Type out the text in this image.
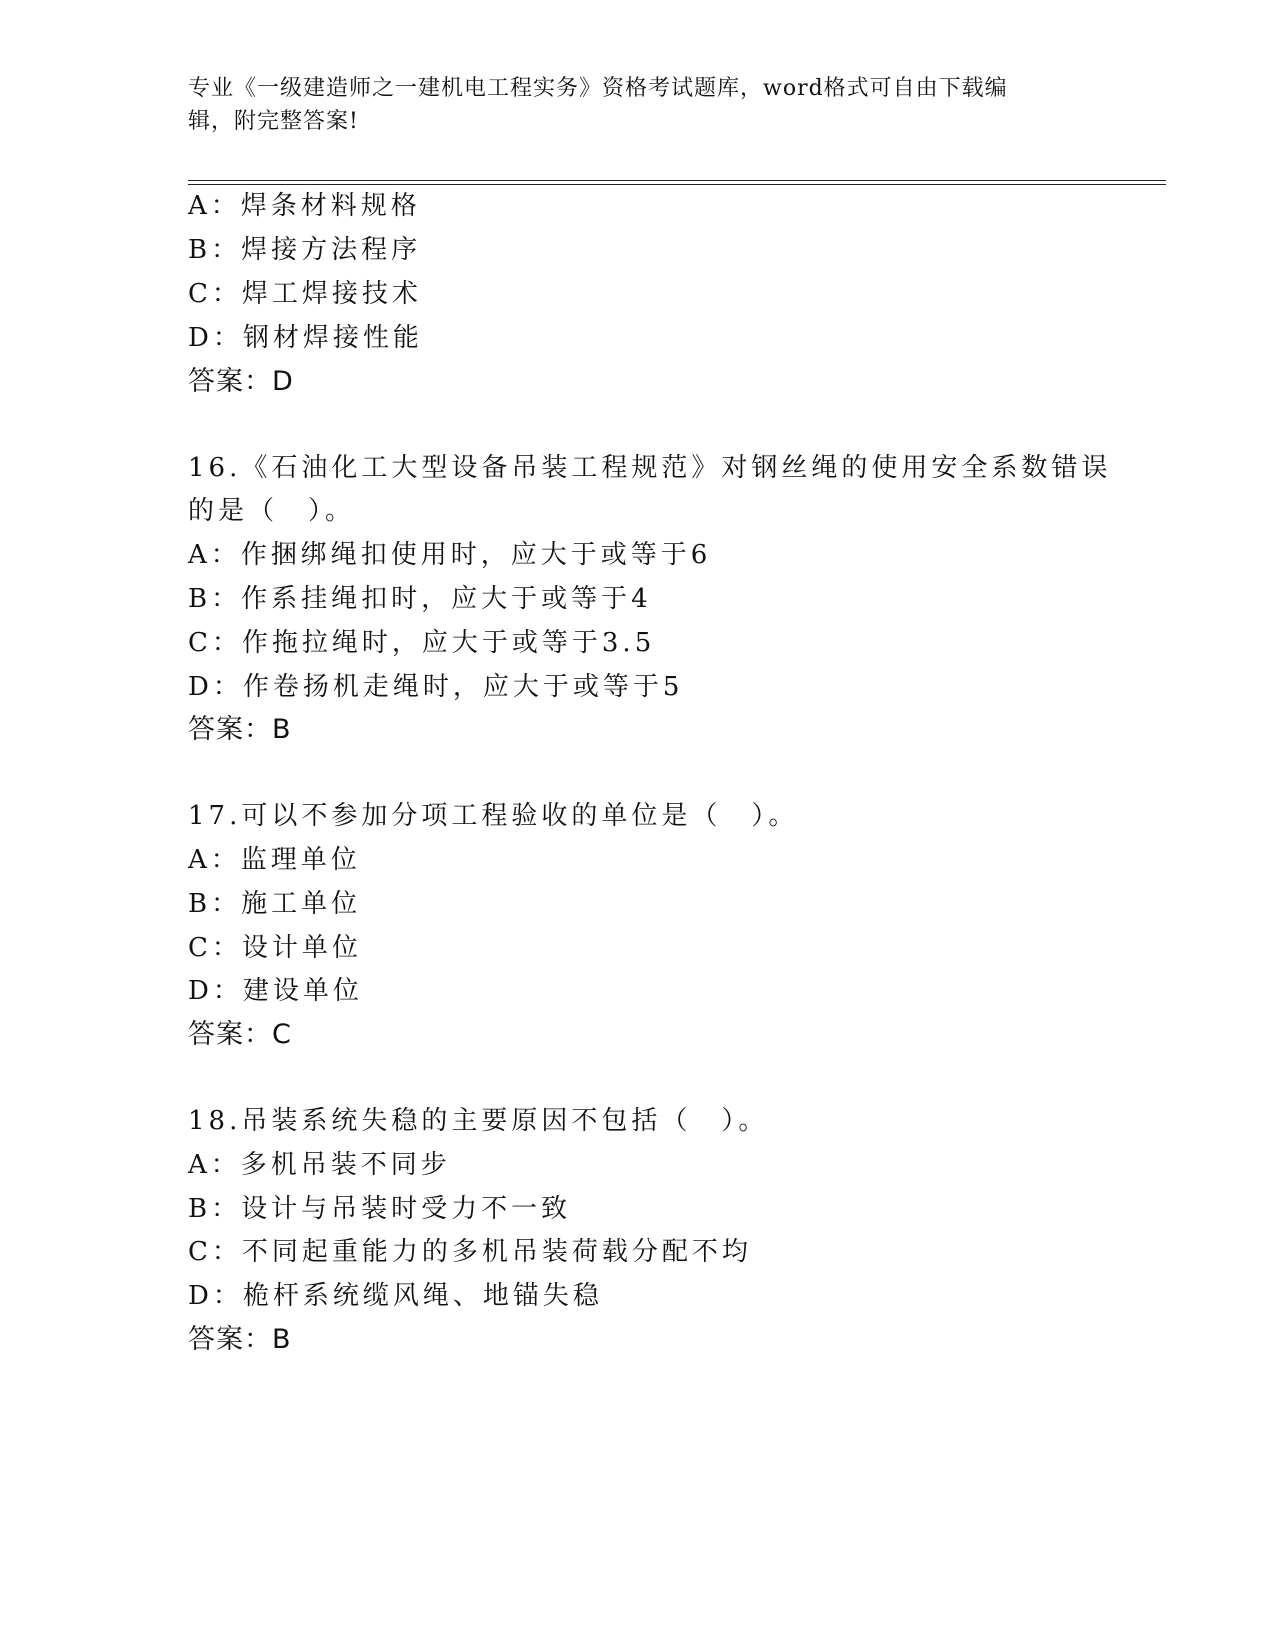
专业《一级建造师之一建机电工程实务》资格考试题库，word格式可自由下载编
辑，附完整答案!
A：焊条材料规格
B：焊接方法程序
C：焊工焊接技术
D：钢材焊接性能
答案：D
16.《石油化工大型设备吊装工程规范》对钢丝绳的使用安全系数错误
的是（　）。
A：作捆绑绳扣使用时，应大于或等于6
B：作系挂绳扣时，应大于或等于4
C：作拖拉绳时，应大于或等于3.5
D：作卷扬机走绳时，应大于或等于5
答案：B
17.可以不参加分项工程验收的单位是（　）。
A：监理单位
B：施工单位
C：设计单位
D：建设单位
答案：C
18.吊装系统失稳的主要原因不包括（　）。
A：多机吊装不同步
B：设计与吊装时受力不一致
C：不同起重能力的多机吊装荷载分配不均
D：桅杆系统缆风绳、地锚失稳
答案：B
